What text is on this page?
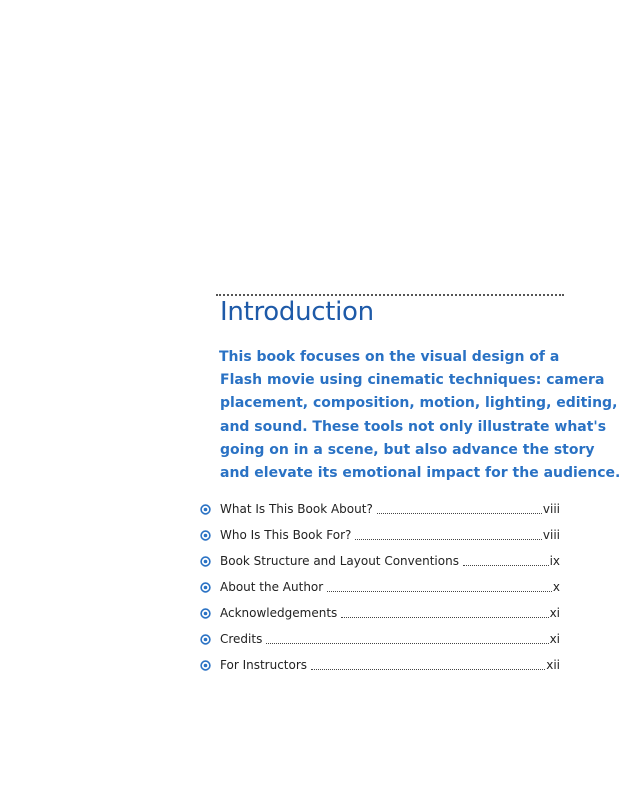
Introduction

This book focuses on the visual design of a
Flash movie using cinematic techniques: camera
placement, composition, motion, lighting, editing,
and sound. These tools not only illustrate what's
going on in a scene, but also advance the story
and elevate its emotional impact for the audience.

What Is This Book About?	viii
Who Is This Book For?	viii
Book Structure and Layout Conventions	ix
About the Author	x
Acknowledgements	xi
Credits	xi
For Instructors	xii
